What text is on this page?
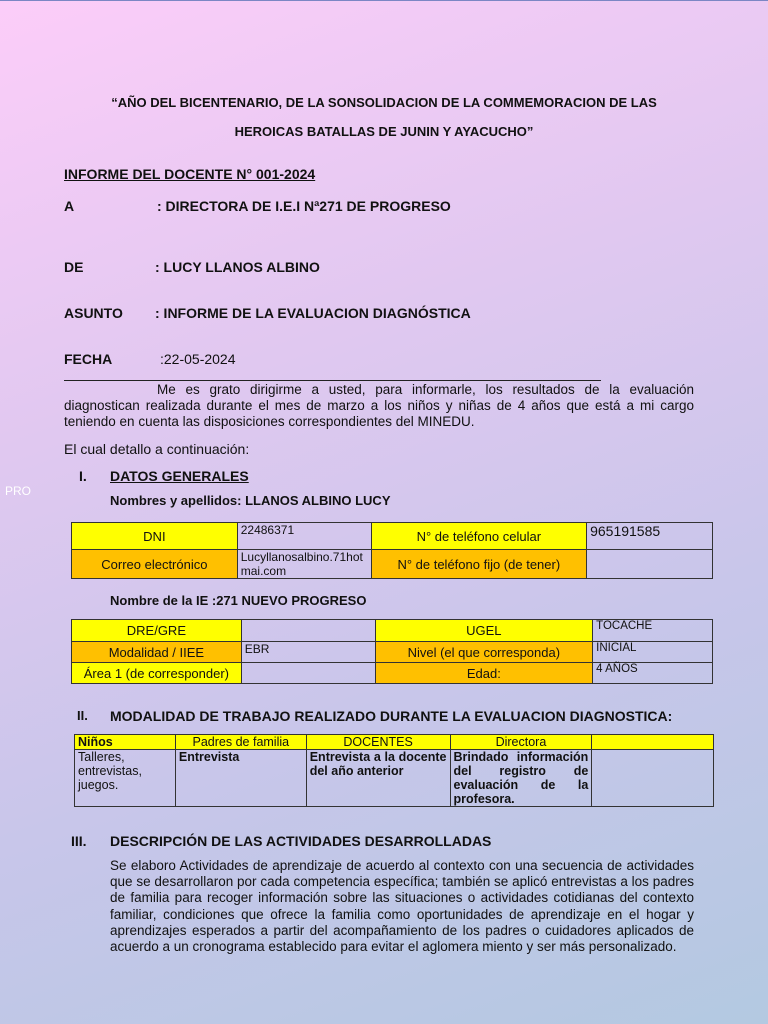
“AÑO DEL BICENTENARIO, DE LA SONSOLIDACION DE LA COMMEMORACION DE LAS
HEROICAS BATALLAS DE JUNIN Y AYACUCHO”
INFORME DEL DOCENTE N° 001-2024
A	: DIRECTORA DE I.E.I Nª271 DE PROGRESO
DE	: LUCY LLANOS ALBINO
ASUNTO : INFORME DE LA EVALUACION DIAGNÓSTICA
FECHA	:22-05-2024
Me es grato dirigirme a usted, para informarle, los resultados de la evaluación diagnostican realizada durante el mes de marzo a los niños y niñas de 4 años que está a mi cargo teniendo en cuenta las disposiciones correspondientes del MINEDU.
El cual detallo a continuación:
PRO
I. DATOS GENERALES
Nombres y apellidos: LLANOS ALBINO LUCY
DNI	22486371	N° de teléfono celular	965191585
Correo electrónico	Lucyllanosalbino.71hotmai.com	N° de teléfono fijo (de tener)	
Nombre de la IE :271 NUEVO PROGRESO
DRE/GRE		UGEL	TOCACHE
Modalidad / IIEE	EBR	Nivel (el que corresponda)	INICIAL
Área 1 (de corresponder)		Edad:	4 AÑOS
II. MODALIDAD DE TRABAJO REALIZADO DURANTE LA EVALUACION DIAGNOSTICA:
Niños	Padres de familia	DOCENTES	Directora	
Talleres, entrevistas, juegos.	Entrevista	Entrevista a la docente del año anterior	Brindado información del registro de evaluación de la profesora.	
III. DESCRIPCIÓN DE LAS ACTIVIDADES DESARROLLADAS
Se elaboro Actividades de aprendizaje de acuerdo al contexto con una secuencia de actividades que se desarrollaron por cada competencia específica; también se aplicó entrevistas a los padres de familia para recoger información sobre las situaciones o actividades cotidianas del contexto familiar, condiciones que ofrece la familia como oportunidades de aprendizaje en el hogar y aprendizajes esperados a partir del acompañamiento de los padres o cuidadores aplicados de acuerdo a un cronograma establecido para evitar el aglomera miento y ser más personalizado.
